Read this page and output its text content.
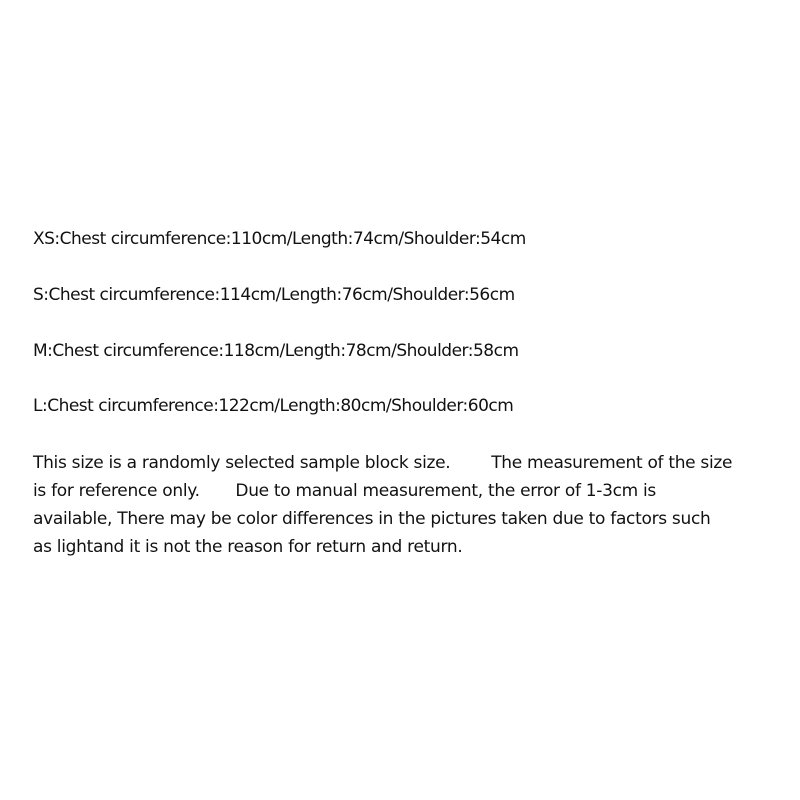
XS:Chest circumference:110cm/Length:74cm/Shoulder:54cm

S:Chest circumference:114cm/Length:76cm/Shoulder:56cm

M:Chest circumference:118cm/Length:78cm/Shoulder:58cm

L:Chest circumference:122cm/Length:80cm/Shoulder:60cm

This size is a randomly selected sample block size.        The measurement of the size

is for reference only.       Due to manual measurement, the error of 1-3cm is

available, There may be color differences in the pictures taken due to factors such

as lightand it is not the reason for return and return.
